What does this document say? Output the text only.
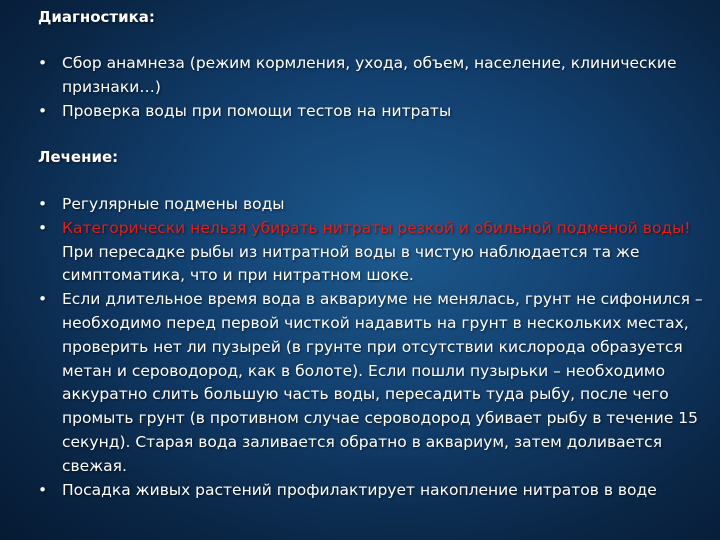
Диагностика:
• Сбор анамнеза (режим кормления, ухода, объем, население, клинические признаки…)
• Проверка воды при помощи тестов на нитраты
Лечение:
• Регулярные подмены воды
• Категорически нельзя убирать нитраты резкой и обильной подменой воды! При пересадке рыбы из нитратной воды в чистую наблюдается та же симптоматика, что и при нитратном шоке.
• Если длительное время вода в аквариуме не менялась, грунт не сифонился – необходимо перед первой чисткой надавить на грунт в нескольких местах, проверить нет ли пузырей (в грунте при отсутствии кислорода образуется метан и сероводород, как в болоте). Если пошли пузырьки – необходимо аккуратно слить большую часть воды, пересадить туда рыбу, после чего промыть грунт (в противном случае сероводород убивает рыбу в течение 15 секунд). Старая вода заливается обратно в аквариум, затем доливается свежая.
• Посадка живых растений профилактирует накопление нитратов в воде
